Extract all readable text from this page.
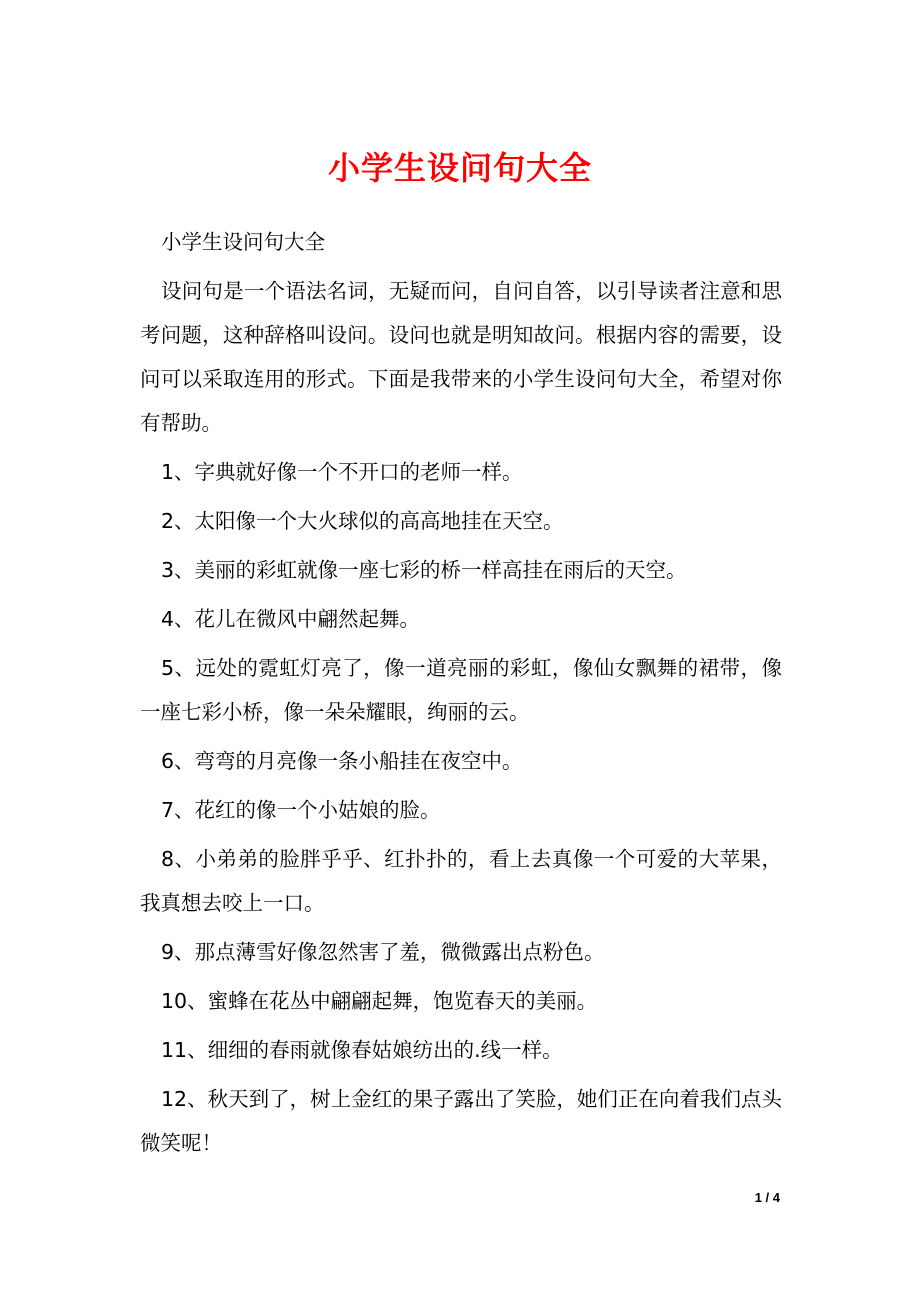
小学生设问句大全

小学生设问句大全

设问句是一个语法名词，无疑而问，自问自答，以引导读者注意和思考问题，这种辞格叫设问。设问也就是明知故问。根据内容的需要，设问可以采取连用的形式。下面是我带来的小学生设问句大全，希望对你有帮助。

1、字典就好像一个不开口的老师一样。

2、太阳像一个大火球似的高高地挂在天空。

3、美丽的彩虹就像一座七彩的桥一样高挂在雨后的天空。

4、花儿在微风中翩然起舞。

5、远处的霓虹灯亮了，像一道亮丽的彩虹，像仙女飘舞的裙带，像一座七彩小桥，像一朵朵耀眼，绚丽的云。

6、弯弯的月亮像一条小船挂在夜空中。

7、花红的像一个小姑娘的脸。

8、小弟弟的脸胖乎乎、红扑扑的，看上去真像一个可爱的大苹果，我真想去咬上一口。

9、那点薄雪好像忽然害了羞，微微露出点粉色。

10、蜜蜂在花丛中翩翩起舞，饱览春天的美丽。

11、细细的春雨就像春姑娘纺出的.线一样。

12、秋天到了，树上金红的果子露出了笑脸，她们正在向着我们点头微笑呢！

1 / 4
